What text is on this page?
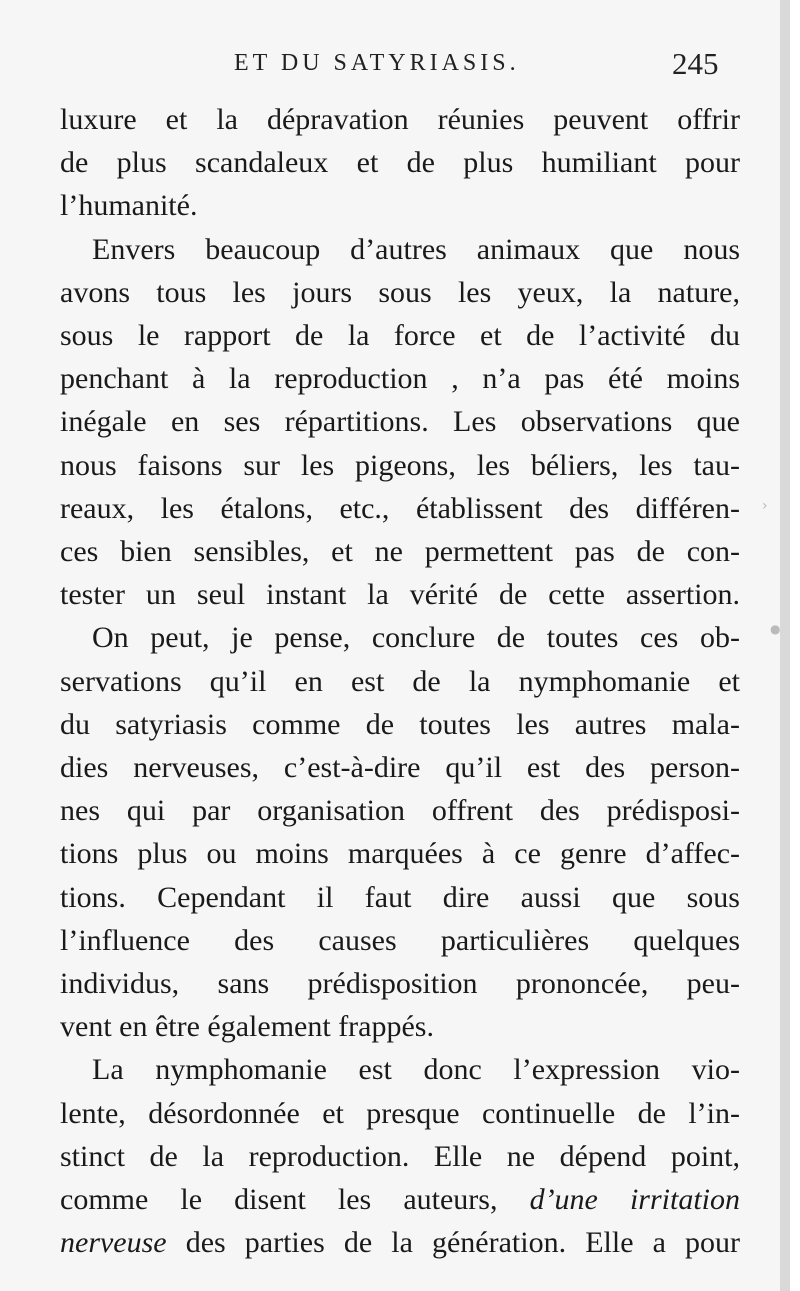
ET DU SATYRIASIS.	245

luxure et la dépravation réunies peuvent offrir
de plus scandaleux et de plus humiliant pour
l’humanité.

Envers beaucoup d’autres animaux que nous
avons tous les jours sous les yeux, la nature,
sous le rapport de la force et de l’activité du
penchant à la reproduction , n’a pas été moins
inégale en ses répartitions. Les observations que
nous faisons sur les pigeons, les béliers, les tau-
reaux, les étalons, etc., établissent des différen-
ces bien sensibles, et ne permettent pas de con-
tester un seul instant la vérité de cette assertion.

On peut, je pense, conclure de toutes ces ob-
servations qu’il en est de la nymphomanie et
du satyriasis comme de toutes les autres mala-
dies nerveuses, c’est-à-dire qu’il est des person-
nes qui par organisation offrent des prédisposi-
tions plus ou moins marquées à ce genre d’affec-
tions. Cependant il faut dire aussi que sous
l’influence des causes particulières quelques
individus, sans prédisposition prononcée, peu-
vent en être également frappés.

La nymphomanie est donc l’expression vio-
lente, désordonnée et presque continuelle de l’in-
stinct de la reproduction. Elle ne dépend point,
comme le disent les auteurs, d’une irritation
nerveuse des parties de la génération. Elle a pour

●
›
